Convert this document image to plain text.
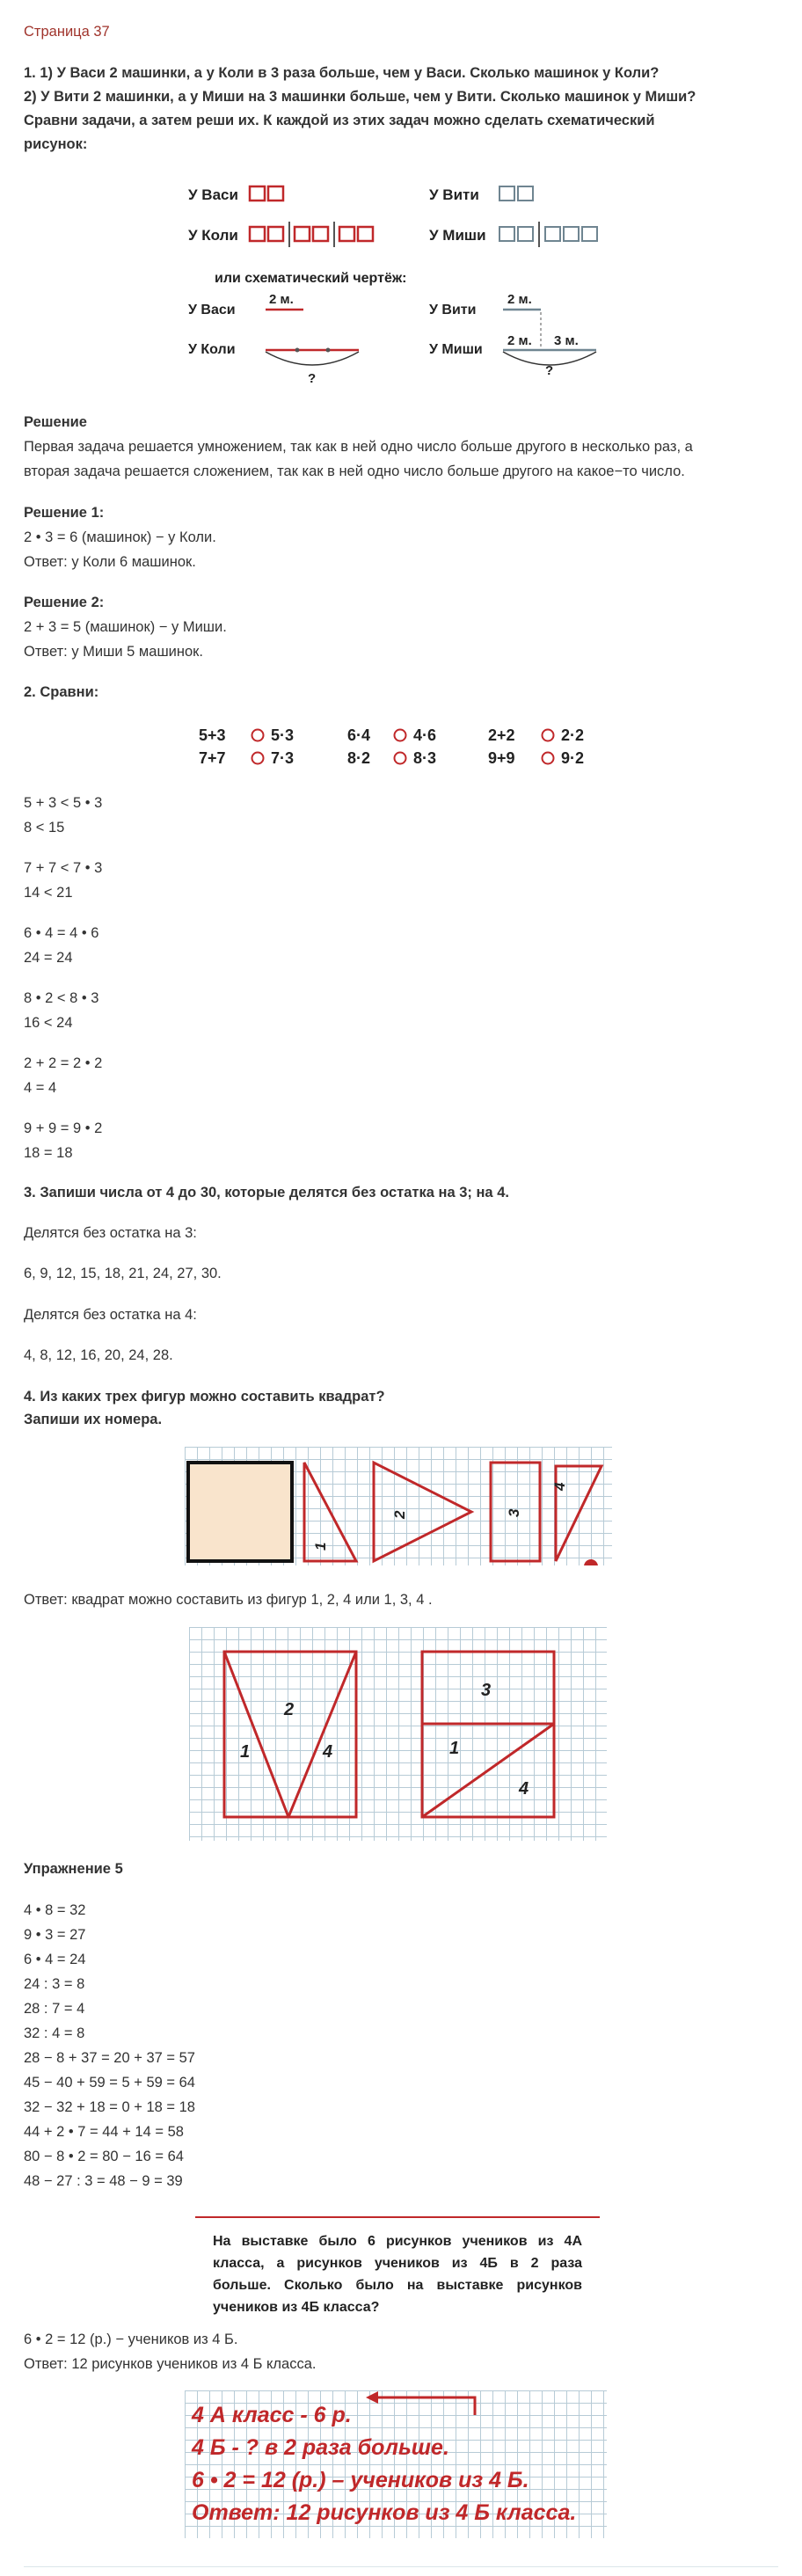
Страница 37

1. 1) У Васи 2 машинки, а у Коли в 3 раза больше, чем у Васи. Сколько машинок у Коли?

2) У Вити 2 машинки, а у Миши на 3 машинки больше, чем у Вити. Сколько машинок у Миши?

Сравни задачи, а затем реши их. К каждой из этих задач можно сделать схематический

рисунок:

У Васи
У Коли
У Вити
У Миши
или схематический чертёж:
У Васи
2 м.
У Коли
?
У Вити
2 м.
У Миши
2 м. 3 м.
?

Решение

Первая задача решается умножением, так как в ней одно число больше другого в несколько раз, а

вторая задача решается сложением, так как в ней одно число больше другого на какое−то число.

Решение 1:

2 • 3 = 6 (машинок) − у Коли.

Ответ: у Коли 6 машинок.

Решение 2:

2 + 3 = 5 (машинок) − у Миши.

Ответ: у Миши 5 машинок.

2. Сравни:

5+3	5·3	6·4	4·6	2+2	2·2
7+7	7·3	8·2	8·3	9+9	9·2

5 + 3 < 5 • 3

8 < 15

7 + 7 < 7 • 3

14 < 21

6 • 4 = 4 • 6

24 = 24

8 • 2 < 8 • 3

16 < 24

2 + 2 = 2 • 2

4 = 4

9 + 9 = 9 • 2

18 = 18

3. Запиши числа от 4 до 30, которые делятся без остатка на 3; на 4.

Делятся без остатка на 3:

6, 9, 12, 15, 18, 21, 24, 27, 30.

Делятся без остатка на 4:

4, 8, 12, 16, 20, 24, 28.

4. Из каких трех фигур можно составить квадрат?

Запиши их номера.

1
2	3
4

Ответ: квадрат можно составить из фигур 1, 2, 4 или 1, 3, 4 .

2
1	4
3
1
4

Упражнение 5

4 • 8 = 32

9 • 3 = 27

6 • 4 = 24

24 : 3 = 8

28 : 7 = 4

32 : 4 = 8

28 − 8 + 37 = 20 + 37 = 57

45 − 40 + 59 = 5 + 59 = 64

32 − 32 + 18 = 0 + 18 = 18

44 + 2 • 7 = 44 + 14 = 58

80 − 8 • 2 = 80 − 16 = 64

48 − 27 : 3 = 48 − 9 = 39

На выставке было 6 рисунков учеников из 4А
класса, а рисунков учеников из 4Б в 2 раза
больше. Сколько было на выставке рисунков
учеников из 4Б класса?

6 • 2 = 12 (р.) − учеников из 4 Б.

Ответ: 12 рисунков учеников из 4 Б класса.

4 А класс - 6 р.
4 Б - ? в 2 раза больше.
6 • 2 = 12 (р.) – учеников из 4 Б.
Ответ: 12 рисунков из 4 Б класса.
